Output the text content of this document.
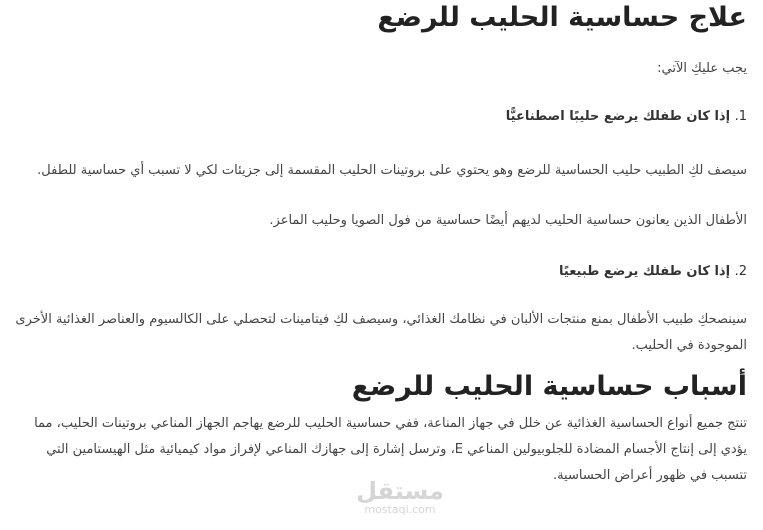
علاج حساسية الحليب للرضع

يجب عليكِ الآتي:

1. إذا كان طفلك يرضع حليبًا اصطناعيًّا

سيصف لكِ الطبيب حليب الحساسية للرضع وهو يحتوي على بروتينات الحليب المقسمة إلى جزيئات لكي لا تسبب أي حساسية للطفل.

الأطفال الذين يعانون حساسية الحليب لديهم أيضًا حساسية من فول الصويا وحليب الماعز.

2. إذا كان طفلك يرضع طبيعيًا

سينصحكِ طبيب الأطفال بمنع منتجات الألبان في نظامك الغذائي، وسيصف لكِ فيتامينات لتحصلي على الكالسيوم والعناصر الغذائية الأخرى الموجودة في الحليب.

أسباب حساسية الحليب للرضع

تنتج جميع أنواع الحساسية الغذائية عن خلل في جهاز المناعة، ففي حساسية الحليب للرضع يهاجم الجهاز المناعي بروتينات الحليب، مما يؤدي إلى إنتاج الأجسام المضادة للجلوبيولين المناعي E، وترسل إشارة إلى جهازك المناعي لإفراز مواد كيميائية مثل الهيستامين التي تتسبب في ظهور أعراض الحساسية.

مستقل
mostaqi.com
